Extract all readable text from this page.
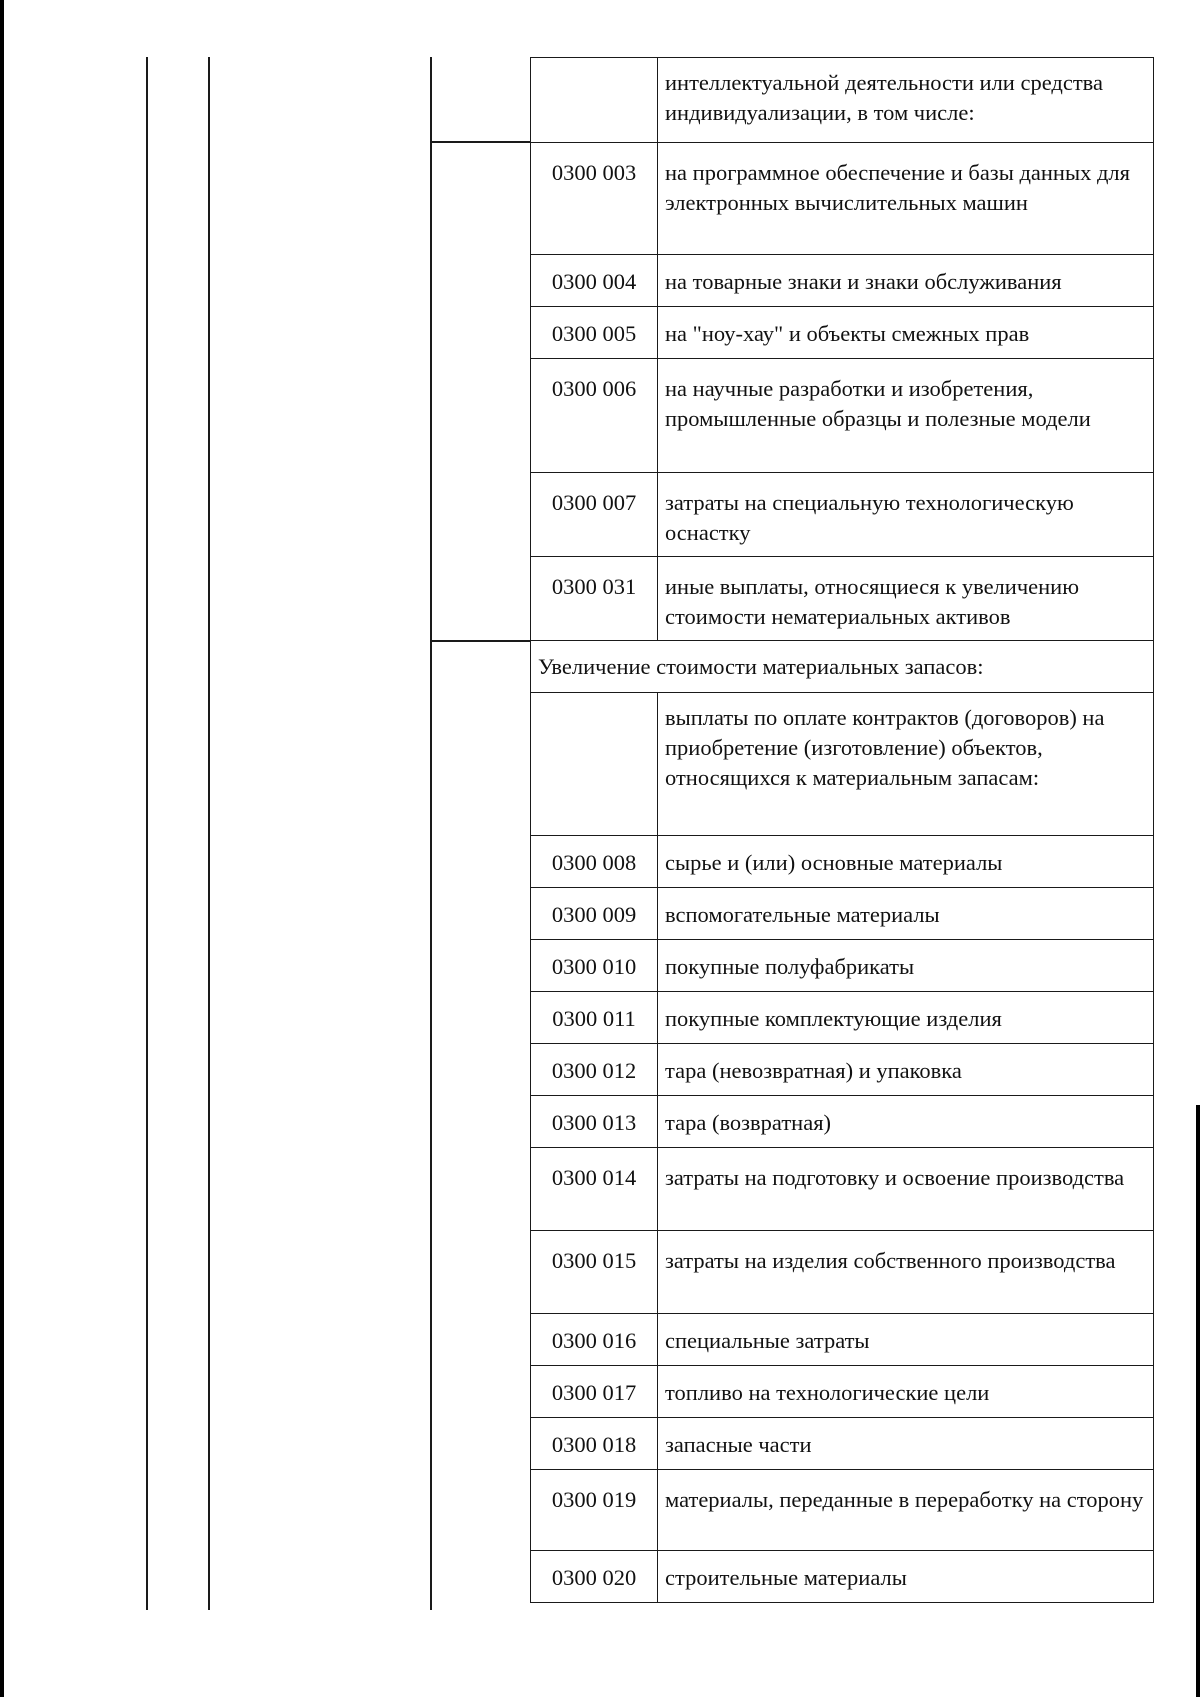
	интеллектуальной деятельности или средства индивидуализации, в том числе:
0300 003	на программное обеспечение и базы данных для электронных вычислительных машин
0300 004	на товарные знаки и знаки обслуживания
0300 005	на "ноу-хау" и объекты смежных прав
0300 006	на научные разработки и изобретения, промышленные образцы и полезные модели
0300 007	затраты на специальную технологическую оснастку
0300 031	иные выплаты, относящиеся к увеличению стоимости нематериальных активов
Увеличение стоимости материальных запасов:	
	выплаты по оплате контрактов (договоров) на приобретение (изготовление) объектов, относящихся к материальным запасам:
0300 008	сырье и (или) основные материалы
0300 009	вспомогательные материалы
0300 010	покупные полуфабрикаты
0300 011	покупные комплектующие изделия
0300 012	тара (невозвратная) и упаковка
0300 013	тара (возвратная)
0300 014	затраты на подготовку и освоение производства
0300 015	затраты на изделия собственного производства
0300 016	специальные затраты
0300 017	топливо на технологические цели
0300 018	запасные части
0300 019	материалы, переданные в переработку на сторону
0300 020	строительные материалы
